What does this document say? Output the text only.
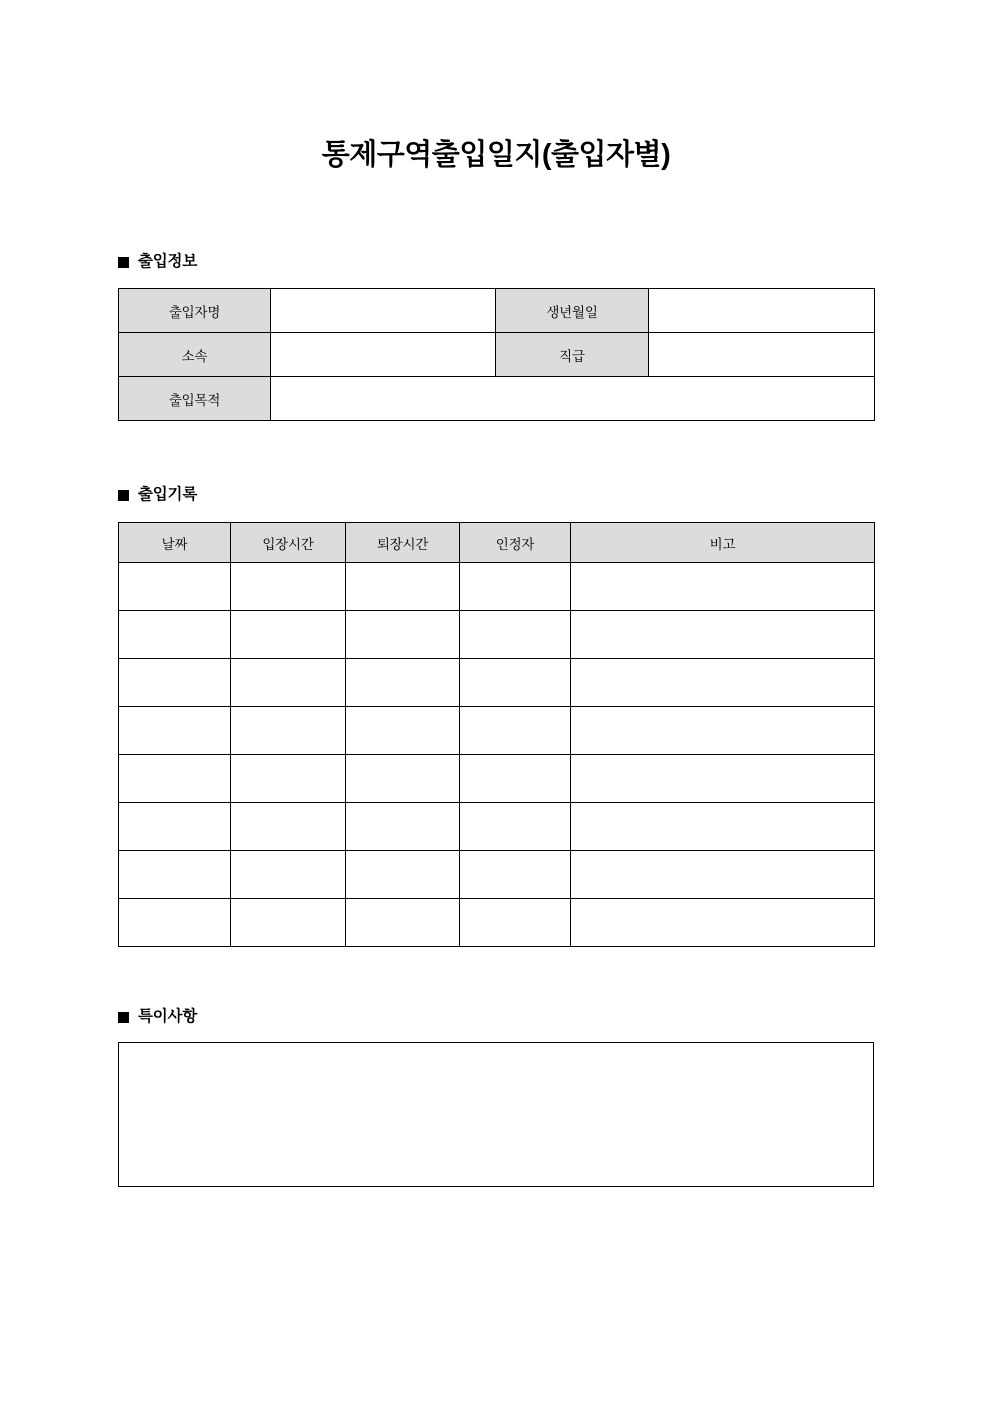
통제구역출입일지(출입자별)
출입정보
출입자명		생년월일	
소속		직급	
출입목적			
출입기록
날짜	입장시간	퇴장시간	인정자	비고

특이사항
